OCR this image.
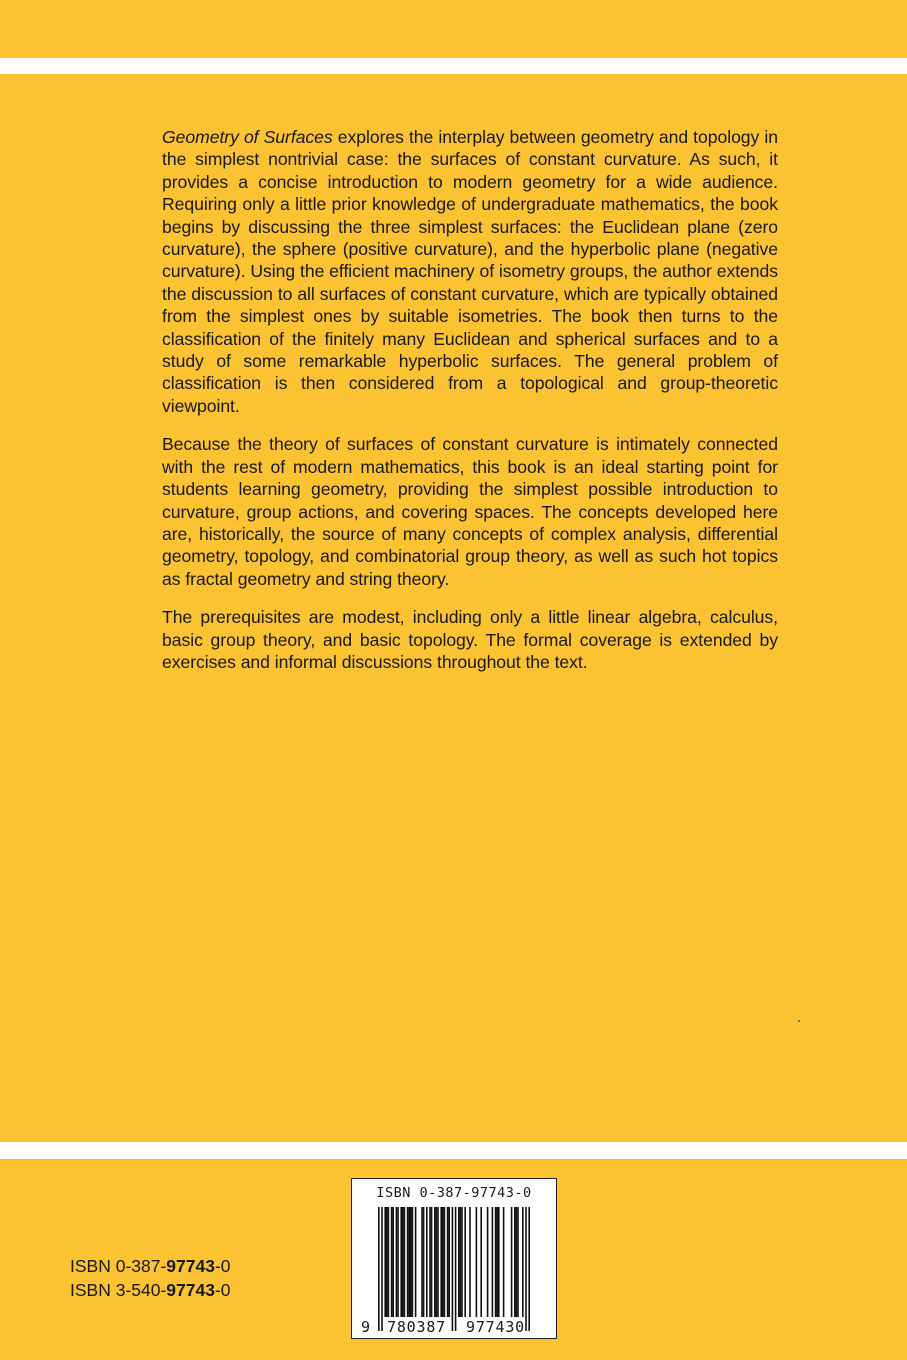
Geometry of Surfaces explores the interplay between geometry and topology in the simplest nontrivial case: the surfaces of constant curvature. As such, it provides a concise introduction to modern geometry for a wide audience. Requiring only a little prior knowledge of undergraduate mathematics, the book begins by discussing the three simplest surfaces: the Euclidean plane (zero curvature), the sphere (positive curvature), and the hyperbolic plane (negative curvature). Using the efficient machinery of isometry groups, the author extends the discussion to all surfaces of constant curvature, which are typically obtained from the simplest ones by suitable isometries. The book then turns to the classification of the finitely many Euclidean and spherical surfaces and to a study of some remarkable hyperbolic surfaces. The general problem of classification is then considered from a topological and group-theoretic viewpoint.

Because the theory of surfaces of constant curvature is intimately connected with the rest of modern mathematics, this book is an ideal starting point for students learning geometry, providing the simplest possible introduction to curvature, group actions, and covering spaces. The concepts developed here are, historically, the source of many concepts of complex analysis, differential geometry, topology, and combinatorial group theory, as well as such hot topics as fractal geometry and string theory.

The prerequisites are modest, including only a little linear algebra, calculus, basic group theory, and basic topology. The formal coverage is extended by exercises and informal discussions throughout the text.

ISBN 0-387-97743-0
ISBN 3-540-97743-0
ISBN 0-387-97743-0
9 780387 977430
